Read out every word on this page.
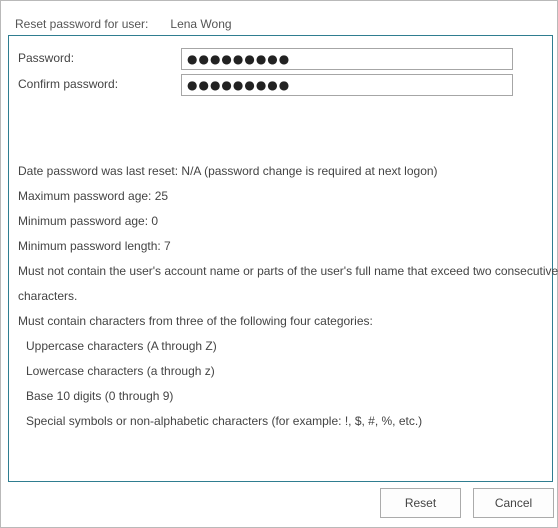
Reset password for user: Lena Wong
Password:
●●●●●●●●●
Confirm password:
●●●●●●●●●
Date password was last reset: N/A (password change is required at next logon)
Maximum password age: 25
Minimum password age: 0
Minimum password length: 7
Must not contain the user's account name or parts of the user's full name that exceed two consecutive
characters.
Must contain characters from three of the following four categories:
Uppercase characters (A through Z)
Lowercase characters (a through z)
Base 10 digits (0 through 9)
Special symbols or non-alphabetic characters (for example: !, $, #, %, etc.)
Reset	Cancel
